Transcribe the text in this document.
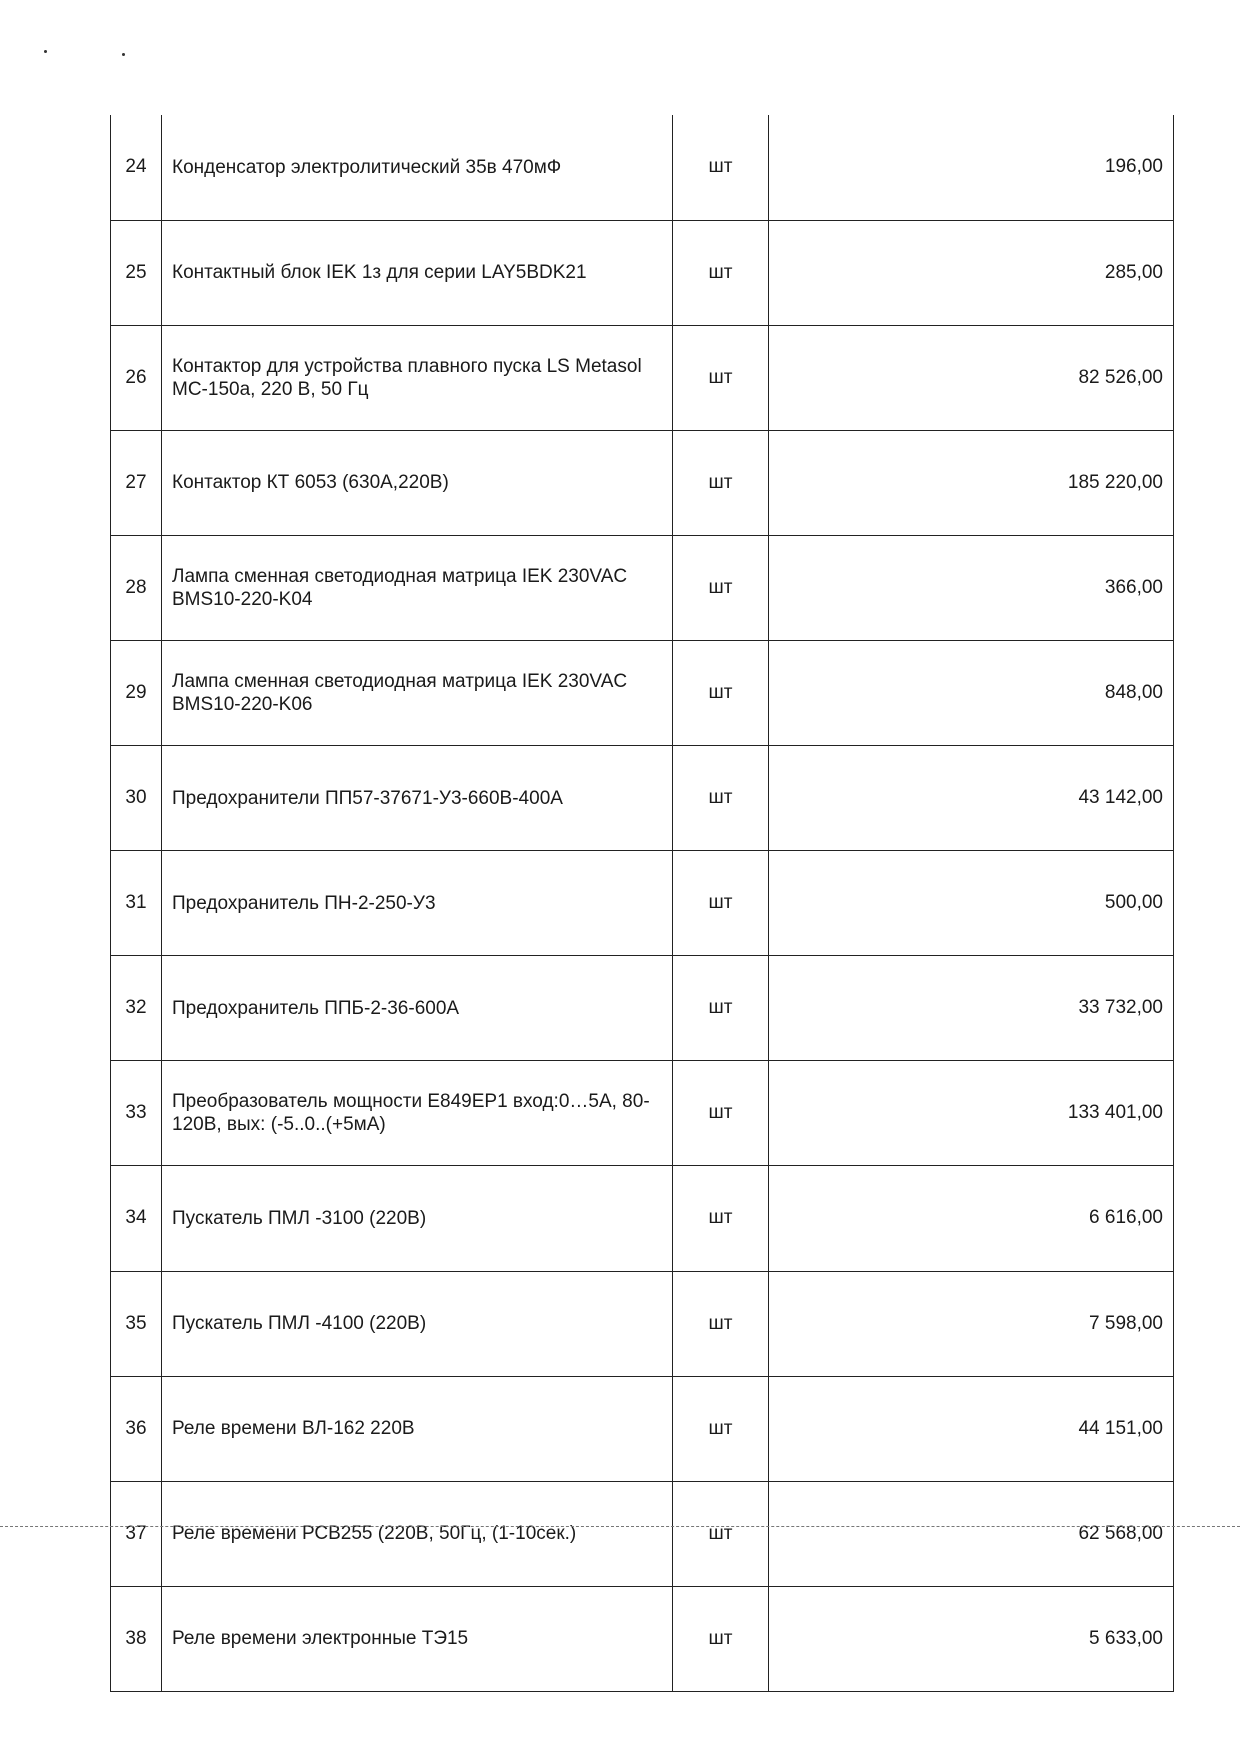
24	Конденсатор электролитический 35в 470мФ	шт	196,00
25	Контактный блок IEK 1з для серии LAY5BDK21	шт	285,00
26	Контактор для устройства плавного пуска LS Metasol MC-150a, 220 В, 50 Гц	шт	82 526,00
27	Контактор КТ 6053 (630А,220В)	шт	185 220,00
28	Лампа сменная светодиодная матрица IEK 230VAC BMS10-220-K04	шт	366,00
29	Лампа сменная светодиодная матрица IEK 230VAC BMS10-220-K06	шт	848,00
30	Предохранители ПП57-37671-У3-660В-400А	шт	43 142,00
31	Предохранитель ПН-2-250-У3	шт	500,00
32	Предохранитель ППБ-2-36-600А	шт	33 732,00
33	Преобразователь мощности Е849ЕР1 вход:0…5А, 80-120В, вых: (-5..0..(+5мА)	шт	133 401,00
34	Пускатель ПМЛ -3100 (220В)	шт	6 616,00
35	Пускатель ПМЛ -4100 (220В)	шт	7 598,00
36	Реле времени ВЛ-162 220В	шт	44 151,00
37	Реле времени РСВ255 (220В, 50Гц, (1-10сек.)	шт	62 568,00
38	Реле времени электронные ТЭ15	шт	5 633,00
